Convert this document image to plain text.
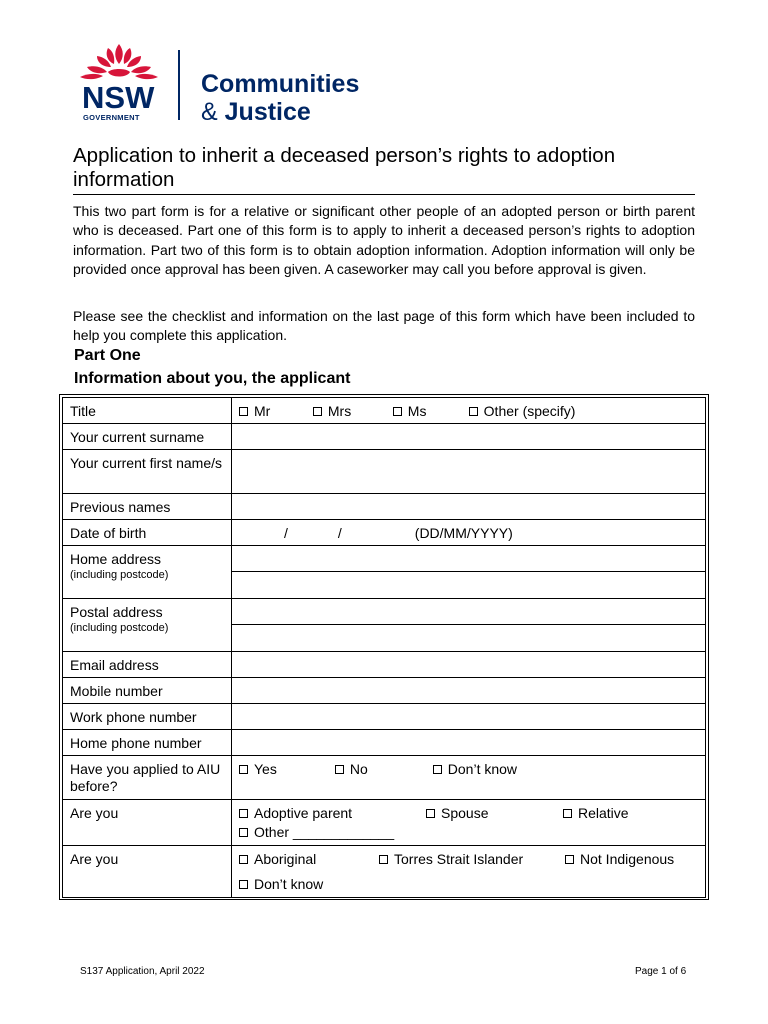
NSW
GOVERNMENT
Communities
& Justice
Application to inherit a deceased person’s rights to adoption information

This two part form is for a relative or significant other people of an adopted person or birth parent who is deceased. Part one of this form is to apply to inherit a deceased person’s rights to adoption information. Part two of this form is to obtain adoption information. Adoption information will only be provided once approval has been given. A caseworker may call you before approval is given.

Please see the checklist and information on the last page of this form which have been included to help you complete this application.

Part One
Information about you, the applicant
Title	Mr Mrs Ms Other (specify)
Your current surname	
Your current first name/s	
Previous names	
Date of birth	/ / (DD/MM/YYYY)
Home address
(including postcode)	

Postal address
(including postcode)	

Email address	
Mobile number	
Work phone number	
Home phone number	
Have you applied to AIU before?	Yes No Don’t know
Are you	Adoptive parent Spouse Relative
Other _____________
Are you	Aboriginal Torres Strait Islander Not Indigenous
Don’t know
S137 Application, April 2022	Page 1 of 6
